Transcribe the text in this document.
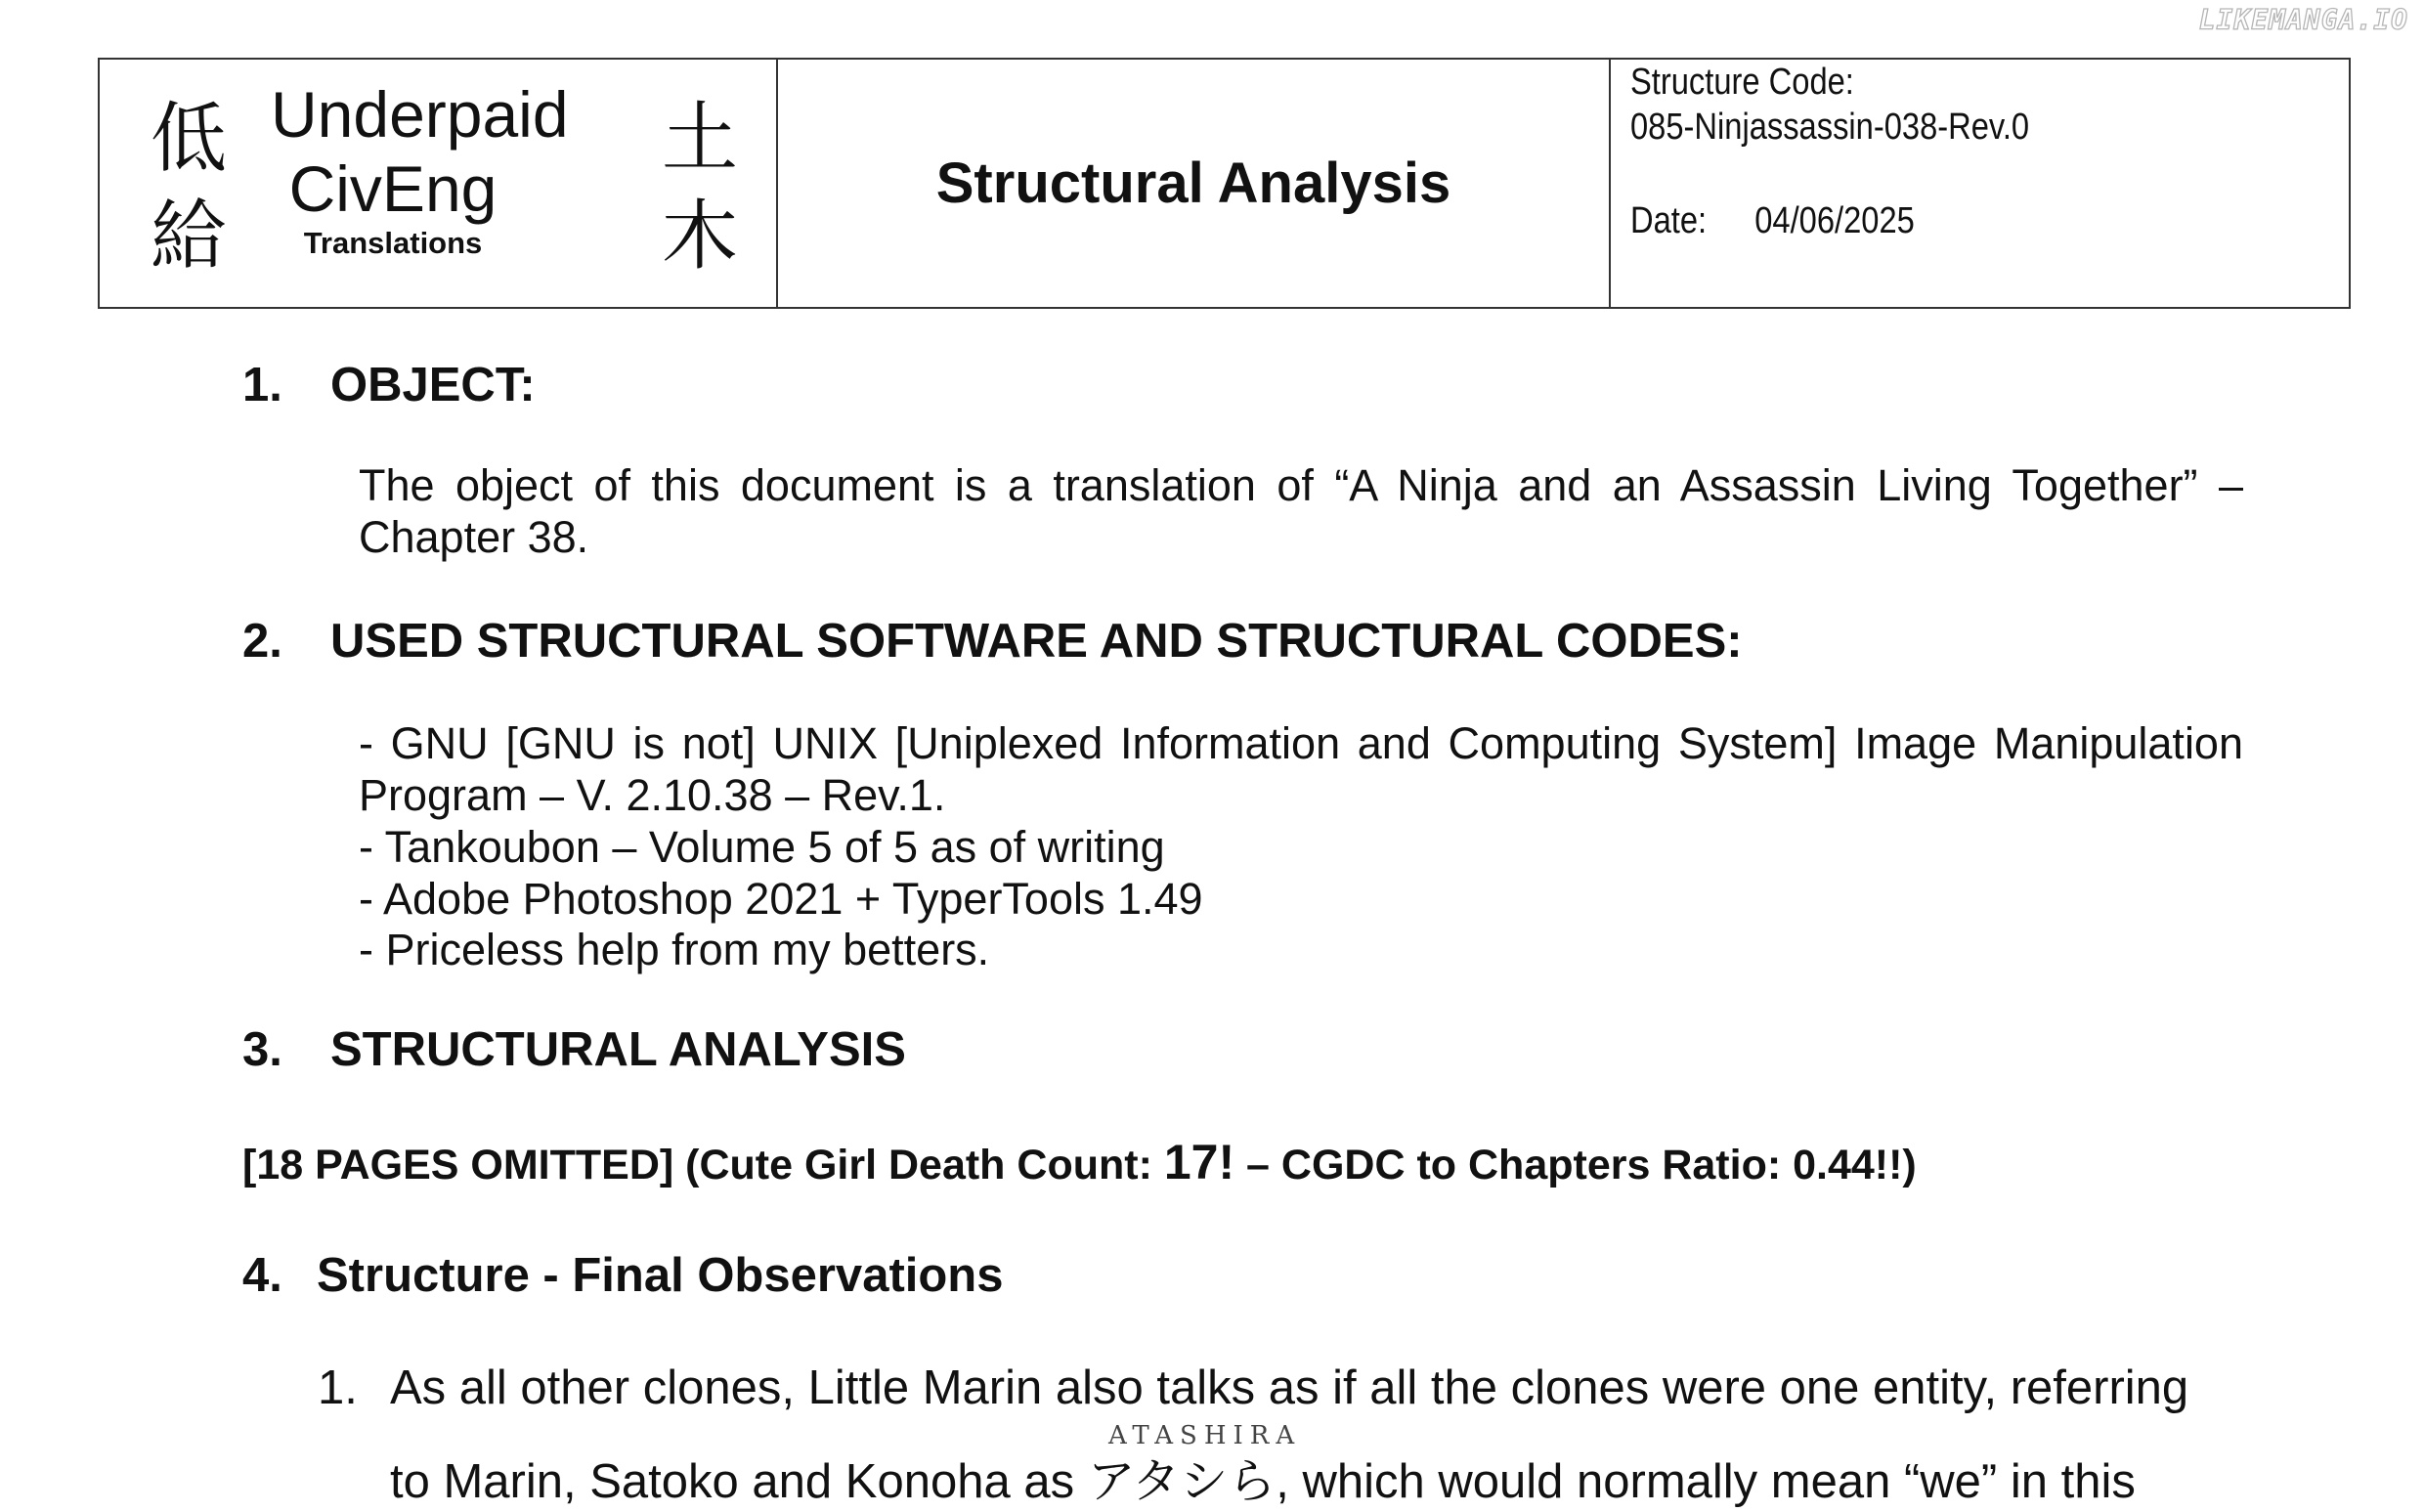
LIKEMANGA.IO
低
給
Underpaid
CivEng
Translations
土
木
Structural Analysis
Structure Code:
085-Ninjassassin-038-Rev.0
Date: 04/06/2025
1. OBJECT:
The object of this document is a translation of “A Ninja and an Assassin Living Together” – Chapter 38.
2. USED STRUCTURAL SOFTWARE AND STRUCTURAL CODES:
- GNU [GNU is not] UNIX [Uniplexed Information and Computing System] Image Manipulation Program – V. 2.10.38 – Rev.1.
- Tankoubon – Volume 5 of 5 as of writing
- Adobe Photoshop 2021 + TyperTools 1.49
- Priceless help from my betters.
3. STRUCTURAL ANALYSIS
[18 PAGES OMITTED] (Cute Girl Death Count: 17! – CGDC to Chapters Ratio: 0.44!!)
4. Structure - Final Observations
1. As all other clones, Little Marin also talks as if all the clones were one entity, referring
to Marin, Satoko and Konoha as アタシら, which would normally mean “we” in this
ATASHIRA
